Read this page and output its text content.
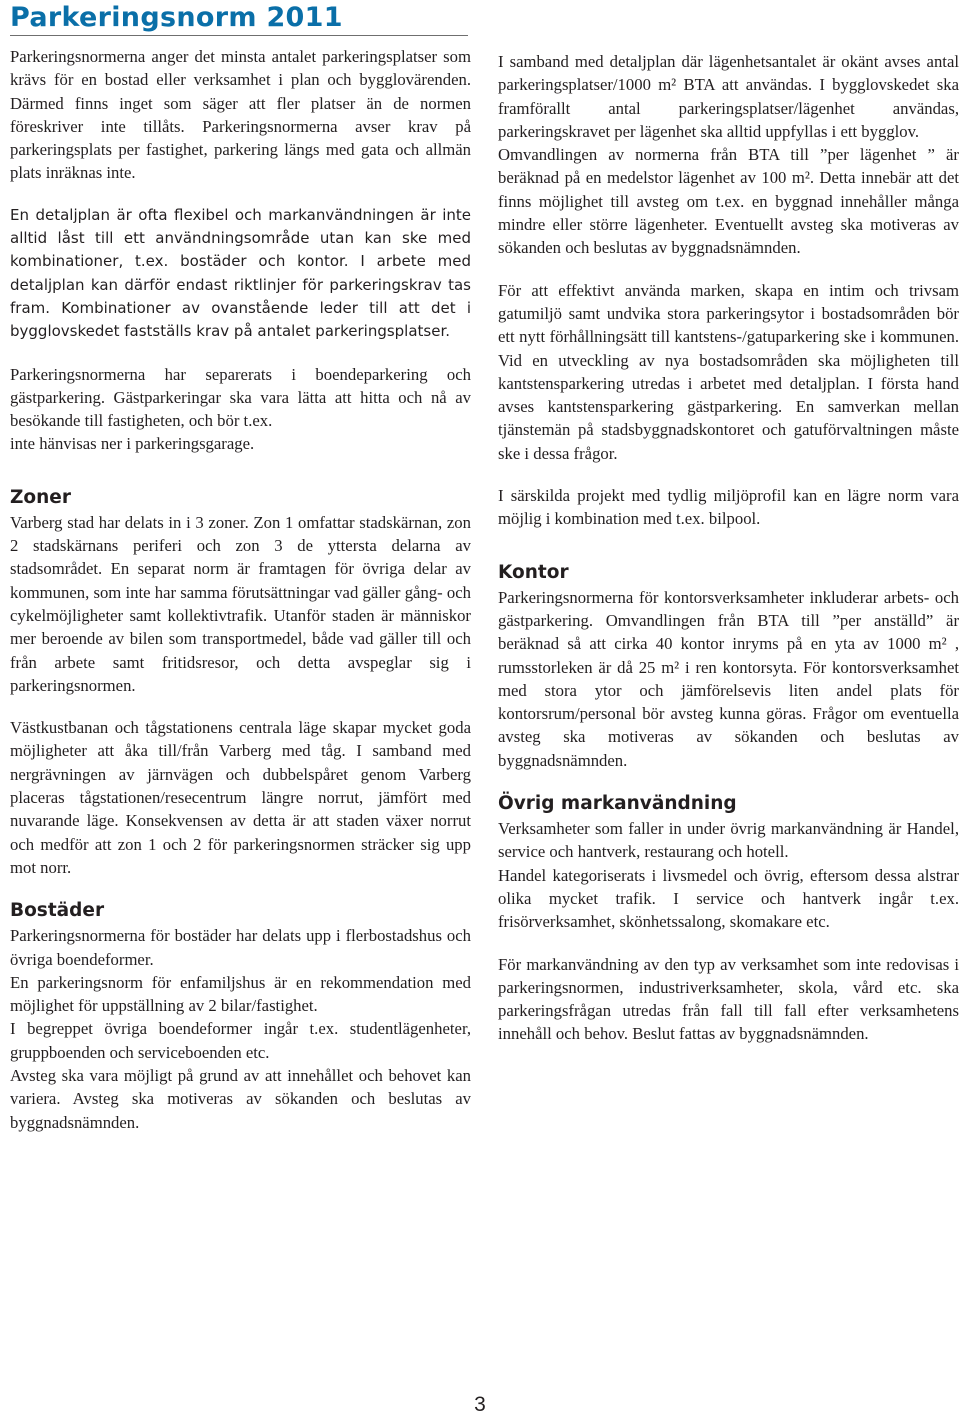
Parkeringsnorm 2011

Parkeringsnormerna anger det minsta antalet parkeringsplatser som krävs för en bostad eller verksamhet i plan och bygglovärenden. Därmed finns inget som säger att fler platser än de normen föreskriver inte tillåts. Parkeringsnormerna avser krav på parkeringsplats per fastighet, parkering längs med gata och allmän plats inräknas inte.

En detaljplan är ofta flexibel och markanvändningen är inte alltid låst till ett användningsområde utan kan ske med kombinationer, t.ex. bostäder och kontor. I arbete med detaljplan kan därför endast riktlinjer för parkeringskrav tas fram. Kombinationer av ovanstående leder till att det i bygglovskedet fastställs krav på antalet parkeringsplatser.

Parkeringsnormerna har separerats i boendeparkering och gästparkering. Gästparkeringar ska vara lätta att hitta och nå av besökande till fastigheten, och bör t.ex.

inte hänvisas ner i parkeringsgarage.

Zoner

Varberg stad har delats in i 3 zoner. Zon 1 omfattar stadskärnan, zon 2 stadskärnans periferi och zon 3 de yttersta delarna av stadsområdet. En separat norm är framtagen för övriga delar av kommunen, som inte har samma förutsättningar vad gäller gång- och cykelmöjligheter samt kollektivtrafik. Utanför staden är människor mer beroende av bilen som transportmedel, både vad gäller till och från arbete samt fritidsresor, och detta avspeglar sig i parkeringsnormen.

Västkustbanan och tågstationens centrala läge skapar mycket goda möjligheter att åka till/från Varberg med tåg. I samband med nergrävningen av järnvägen och dubbelspåret genom Varberg placeras tågstationen/resecentrum längre norrut, jämfört med nuvarande läge. Konsekvensen av detta är att staden växer norrut och medför att zon 1 och 2 för parkeringsnormen sträcker sig upp mot norr.

Bostäder

Parkeringsnormerna för bostäder har delats upp i flerbostadshus och övriga boendeformer.

En parkeringsnorm för enfamiljshus är en rekommendation med möjlighet för uppställning av 2 bilar/fastighet.

I begreppet övriga boendeformer ingår t.ex. studentlägenheter, gruppboenden och serviceboenden etc.

Avsteg ska vara möjligt på grund av att innehållet och behovet kan variera. Avsteg ska motiveras av sökanden och beslutas av byggnadsnämnden.

I samband med detaljplan där lägenhetsantalet är okänt avses antal parkeringsplatser/1000 m² BTA att användas. I bygglovskedet ska framförallt antal parkeringsplatser/lägenhet användas, parkeringskravet per lägenhet ska alltid uppfyllas i ett bygglov.

Omvandlingen av normerna från BTA till ”per lägenhet ” är beräknad på en medelstor lägenhet av 100 m². Detta innebär att det finns möjlighet till avsteg om t.ex. en byggnad innehåller många mindre eller större lägenheter. Eventuellt avsteg ska motiveras av sökanden och beslutas av byggnadsnämnden.

För att effektivt använda marken, skapa en intim och trivsam gatumiljö samt undvika stora parkeringsytor i bostadsområden bör ett nytt förhållningsätt till kantstens-/gatuparkering ske i kommunen. Vid en utveckling av nya bostadsområden ska möjligheten till kantstensparkering utredas i arbetet med detaljplan. I första hand avses kantstensparkering gästparkering. En samverkan mellan tjänstemän på stadsbyggnadskontoret och gatuförvaltningen måste ske i dessa frågor.

I särskilda projekt med tydlig miljöprofil kan en lägre norm vara möjlig i kombination med t.ex. bilpool.

Kontor

Parkeringsnormerna för kontorsverksamheter inkluderar arbets- och gästparkering. Omvandlingen från BTA till ”per anställd” är beräknad så att cirka 40 kontor inryms på en yta av 1000 m² , rumsstorleken är då 25 m² i ren kontorsyta. För kontorsverksamhet med stora ytor och jämförelsevis liten andel plats för kontorsrum/personal bör avsteg kunna göras. Frågor om eventuella avsteg ska motiveras av sökanden och beslutas av byggnadsnämnden.

Övrig markanvändning

Verksamheter som faller in under övrig markanvändning är Handel, service och hantverk, restaurang och hotell.

Handel kategoriserats i livsmedel och övrig, eftersom dessa alstrar olika mycket trafik. I service och hantverk ingår t.ex. frisörverksamhet, skönhetssalong, skomakare etc.

För markanvändning av den typ av verksamhet som inte redovisas i parkeringsnormen, industriverksamheter, skola, vård etc. ska parkeringsfrågan utredas från fall till fall efter verksamhetens innehåll och behov. Beslut fattas av byggnadsnämnden.

3
